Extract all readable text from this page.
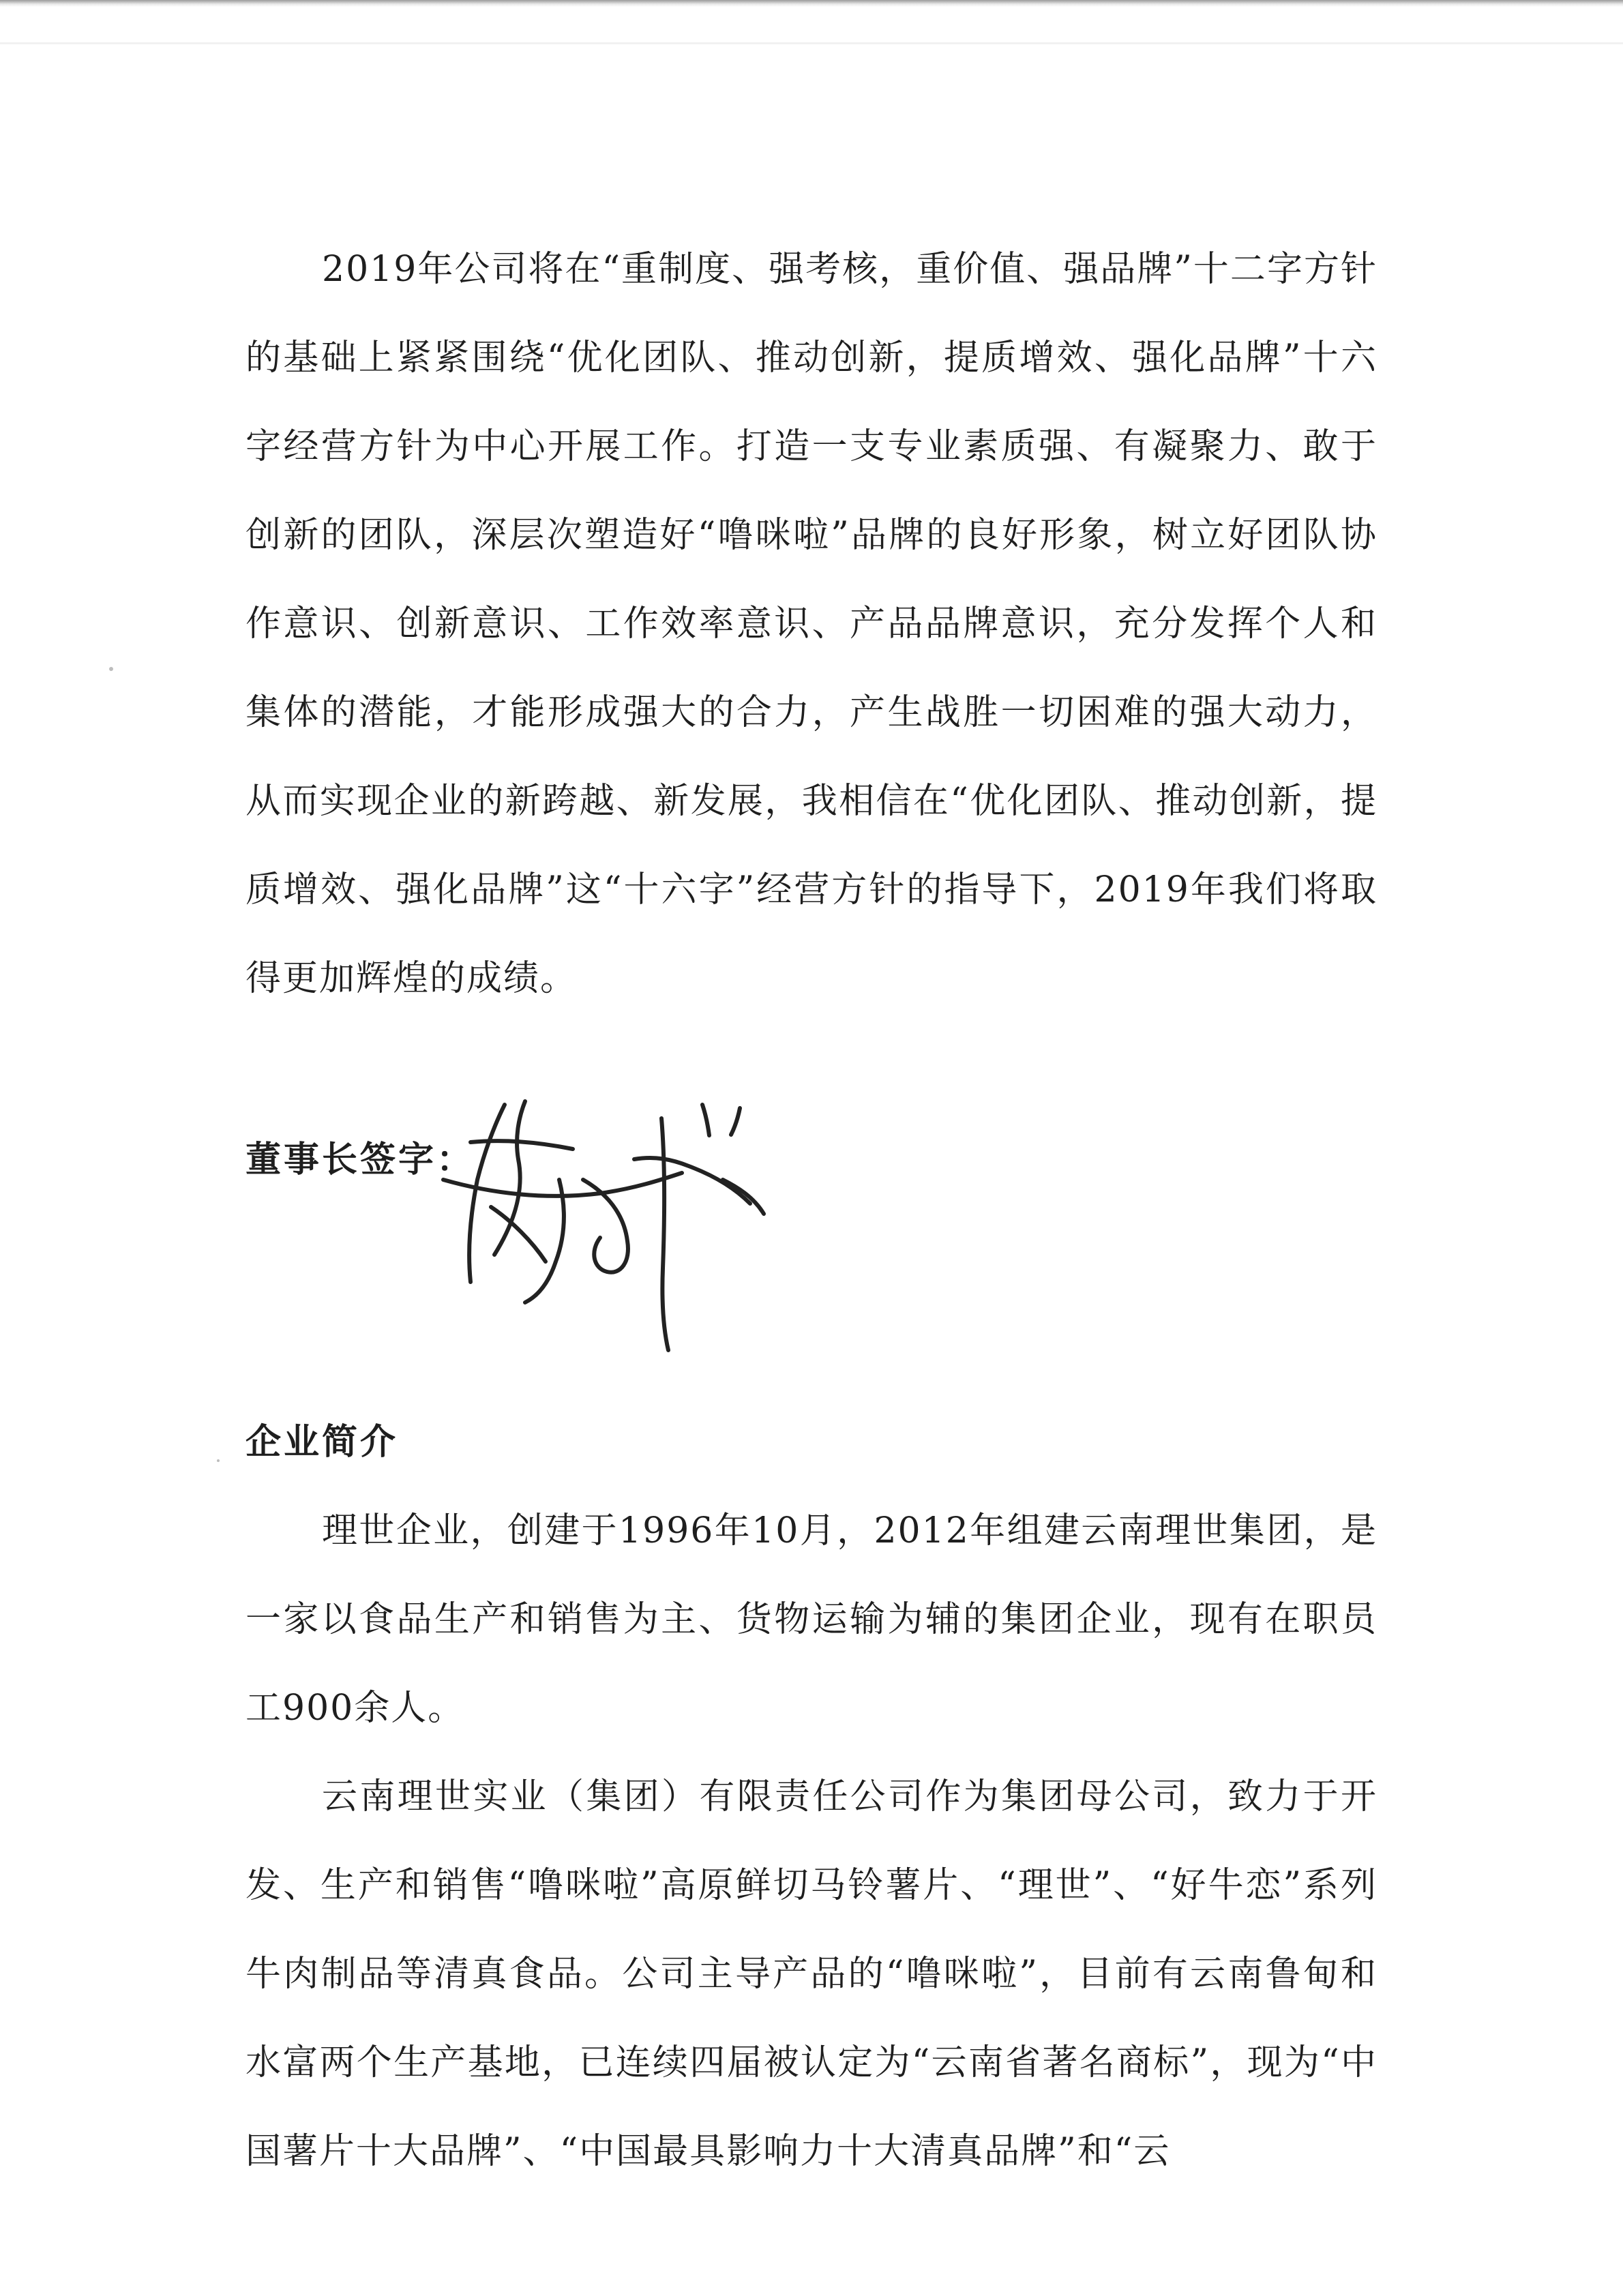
2019年公司将在“重制度、强考核，重价值、强品牌”十二字方针的基础上紧紧围绕“优化团队、推动创新，提质增效、强化品牌”十六字经营方针为中心开展工作。打造一支专业素质强、有凝聚力、敢于创新的团队，深层次塑造好“噜咪啦”品牌的良好形象，树立好团队协作意识、创新意识、工作效率意识、产品品牌意识，充分发挥个人和集体的潜能，才能形成强大的合力，产生战胜一切困难的强大动力，从而实现企业的新跨越、新发展，我相信在“优化团队、推动创新，提质增效、强化品牌”这“十六字”经营方针的指导下，2019年我们将取得更加辉煌的成绩。

董事长签字：
企业简介

理世企业，创建于1996年10月，2012年组建云南理世集团，是一家以食品生产和销售为主、货物运输为辅的集团企业，现有在职员工900余人。

云南理世实业（集团）有限责任公司作为集团母公司，致力于开发、生产和销售“噜咪啦”高原鲜切马铃薯片、“理世”、“好牛恋”系列牛肉制品等清真食品。公司主导产品的“噜咪啦”，目前有云南鲁甸和水富两个生产基地，已连续四届被认定为“云南省著名商标”，现为“中国薯片十大品牌”、“中国最具影响力十大清真品牌”和“云
